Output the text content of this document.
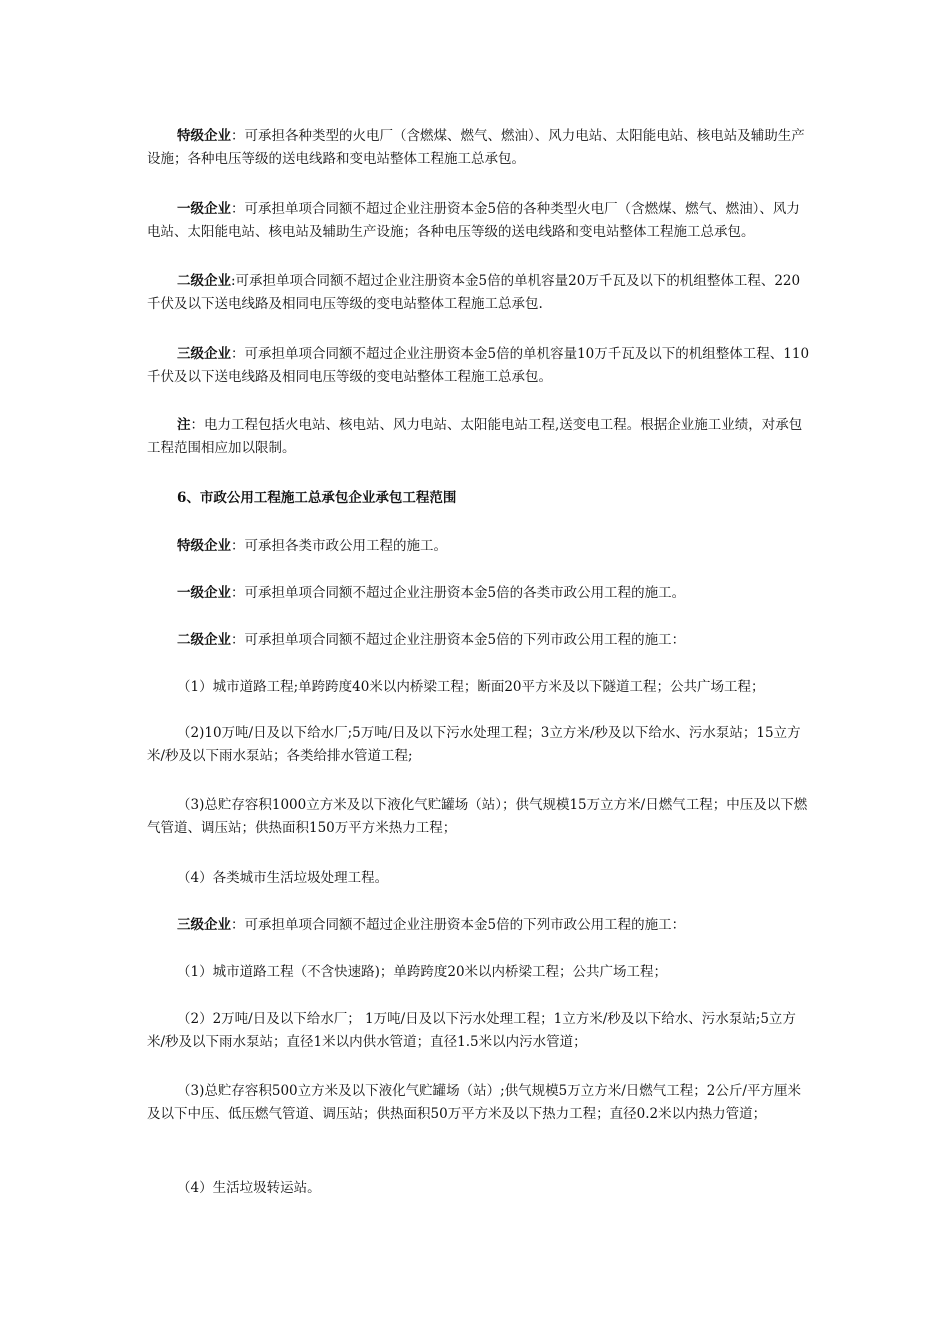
特级企业：可承担各种类型的火电厂（含燃煤、燃气、燃油）、风力电站、太阳能电站、核电站及辅助生产设施；各种电压等级的送电线路和变电站整体工程施工总承包。

一级企业：可承担单项合同额不超过企业注册资本金5倍的各种类型火电厂（含燃煤、燃气、燃油）、风力电站、太阳能电站、核电站及辅助生产设施；各种电压等级的送电线路和变电站整体工程施工总承包。

二级企业:可承担单项合同额不超过企业注册资本金5倍的单机容量20万千瓦及以下的机组整体工程、220千伏及以下送电线路及相同电压等级的变电站整体工程施工总承包.

三级企业：可承担单项合同额不超过企业注册资本金5倍的单机容量10万千瓦及以下的机组整体工程、110千伏及以下送电线路及相同电压等级的变电站整体工程施工总承包。

注：电力工程包括火电站、核电站、风力电站、太阳能电站工程,送变电工程。根据企业施工业绩，对承包工程范围相应加以限制。

6、市政公用工程施工总承包企业承包工程范围

特级企业：可承担各类市政公用工程的施工。

一级企业：可承担单项合同额不超过企业注册资本金5倍的各类市政公用工程的施工。

二级企业：可承担单项合同额不超过企业注册资本金5倍的下列市政公用工程的施工：

（1）城市道路工程;单跨跨度40米以内桥梁工程；断面20平方米及以下隧道工程；公共广场工程；

（2)10万吨/日及以下给水厂;5万吨/日及以下污水处理工程；3立方米/秒及以下给水、污水泵站；15立方米/秒及以下雨水泵站；各类给排水管道工程;

（3)总贮存容积1000立方米及以下液化气贮罐场（站）；供气规模15万立方米/日燃气工程；中压及以下燃气管道、调压站；供热面积150万平方米热力工程；

（4）各类城市生活垃圾处理工程。

三级企业：可承担单项合同额不超过企业注册资本金5倍的下列市政公用工程的施工：

（1）城市道路工程（不含快速路)；单跨跨度20米以内桥梁工程；公共广场工程；

（2）2万吨/日及以下给水厂； 1万吨/日及以下污水处理工程；1立方米/秒及以下给水、污水泵站;5立方米/秒及以下雨水泵站；直径1米以内供水管道；直径1.5米以内污水管道；

（3)总贮存容积500立方米及以下液化气贮罐场（站）;供气规模5万立方米/日燃气工程；2公斤/平方厘米及以下中压、低压燃气管道、调压站；供热面积50万平方米及以下热力工程；直径0.2米以内热力管道；

（4）生活垃圾转运站。
